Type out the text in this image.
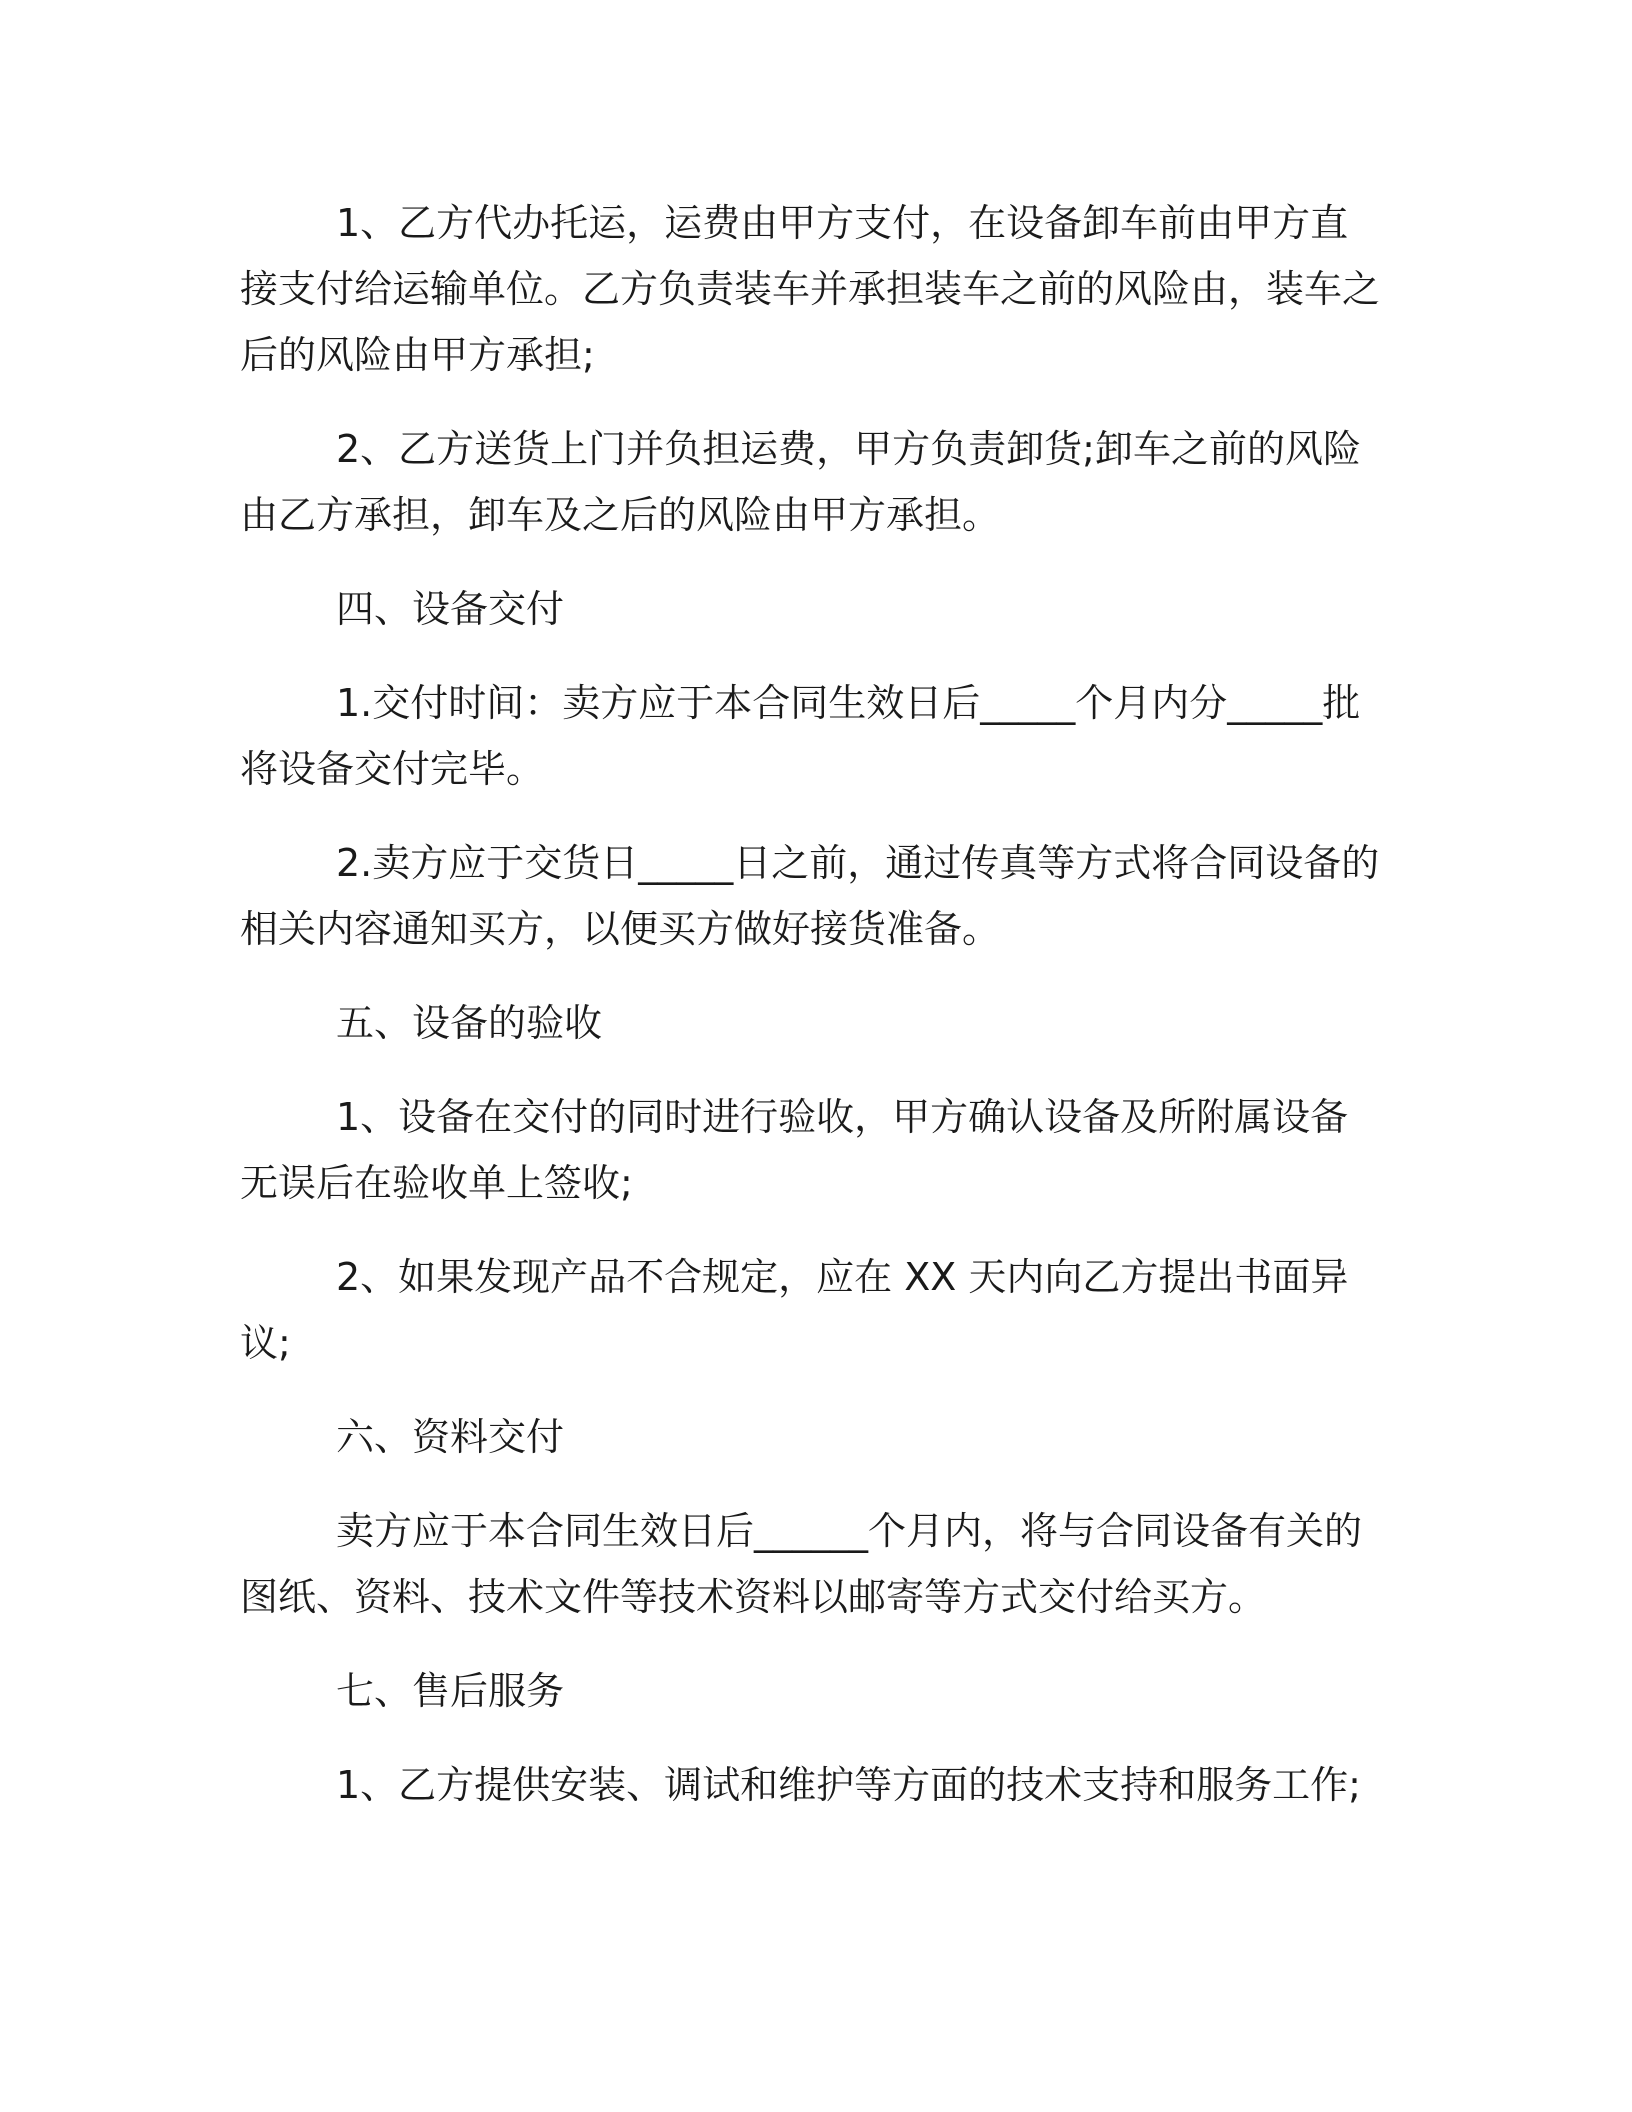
1、乙方代办托运，运费由甲方支付，在设备卸车前由甲方直接支付给运输单位。乙方负责装车并承担装车之前的风险由，装车之后的风险由甲方承担;

2、乙方送货上门并负担运费，甲方负责卸货;卸车之前的风险由乙方承担，卸车及之后的风险由甲方承担。

四、设备交付

1.交付时间：卖方应于本合同生效日后_____个月内分_____批将设备交付完毕。

2.卖方应于交货日_____日之前，通过传真等方式将合同设备的相关内容通知买方，以便买方做好接货准备。

五、设备的验收

1、设备在交付的同时进行验收，甲方确认设备及所附属设备无误后在验收单上签收;

2、如果发现产品不合规定，应在 XX 天内向乙方提出书面异议;

六、资料交付

卖方应于本合同生效日后______个月内，将与合同设备有关的图纸、资料、技术文件等技术资料以邮寄等方式交付给买方。

七、售后服务

1、乙方提供安装、调试和维护等方面的技术支持和服务工作;
